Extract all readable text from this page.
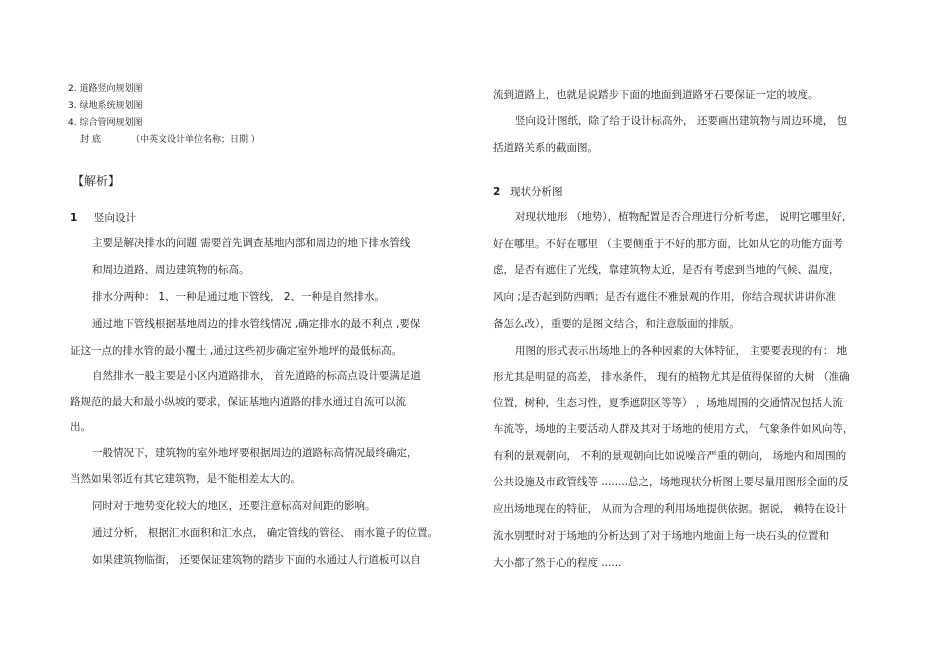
2. 道路竖向规划图
3. 绿地系统规划图
4. 综合管网规划图
封 底	（中英文设计单位名称；日期 ）
【解析】
1 竖向设计
主要是解决排水的问题 需要首先调查基地内部和周边的地下排水管线
和周边道路、周边建筑物的标高。
排水分两种： 1、一种是通过地下管线， 2、一种是自然排水。
通过地下管线根据基地周边的排水管线情况 ,确定排水的最不利点 ,要保
证这一点的排水管的最小覆土 ,通过这些初步确定室外地坪的最低标高。
自然排水一般主要是小区内道路排水， 首先道路的标高点设计要满足道
路规范的最大和最小纵坡的要求，保证基地内道路的排水通过自流可以流
出。
一般情况下，建筑物的室外地坪要根据周边的道路标高情况最终确定，
当然如果邻近有其它建筑物，是不能相差太大的。
同时对于地势变化较大的地区，还要注意标高对间距的影响。
通过分析， 根据汇水面积和汇水点， 确定管线的管径、 雨水篦子的位置。
如果建筑物临街， 还要保证建筑物的踏步下面的水通过人行道板可以自
流到道路上，也就是说踏步下面的地面到道路牙石要保证一定的坡度。
竖向设计图纸，除了给于设计标高外， 还要画出建筑物与周边环境， 包
括道路关系的截面图。
2 现状分析图
对现状地形 （地势），植物配置是否合理进行分析考虑， 说明它哪里好，
好在哪里。不好在哪里 （主要侧重于不好的那方面，比如从它的功能方面考
虑，是否有遮住了光线，靠建筑物太近，是否有考虑到当地的气候、温度，
风向 ;是否起到防西晒；是否有遮住不雅景观的作用，你结合现状讲讲你准
备怎么改），重要的是图文结合，和注意版面的排版。
用图的形式表示出场地上的各种因素的大体特征， 主要要表现的有： 地
形尤其是明显的高差， 排水条件， 现有的植物尤其是值得保留的大树 （准确
位置，树种，生态习性，夏季遮阴区等等） ，场地周围的交通情况包括人流
车流等，场地的主要活动人群及其对于场地的使用方式， 气象条件如风向等，
有利的景观朝向， 不利的景观朝向比如说噪音严重的朝向， 场地内和周围的
公共设施及市政管线等 ........总之，场地现状分析图上要尽量用图形全面的反
应出场地现在的特征， 从而为合理的利用场地提供依据。据说， 赖特在设计
流水别墅时对于场地的分析达到了对于场地内地面上每一块石头的位置和
大小都了然于心的程度 ......
